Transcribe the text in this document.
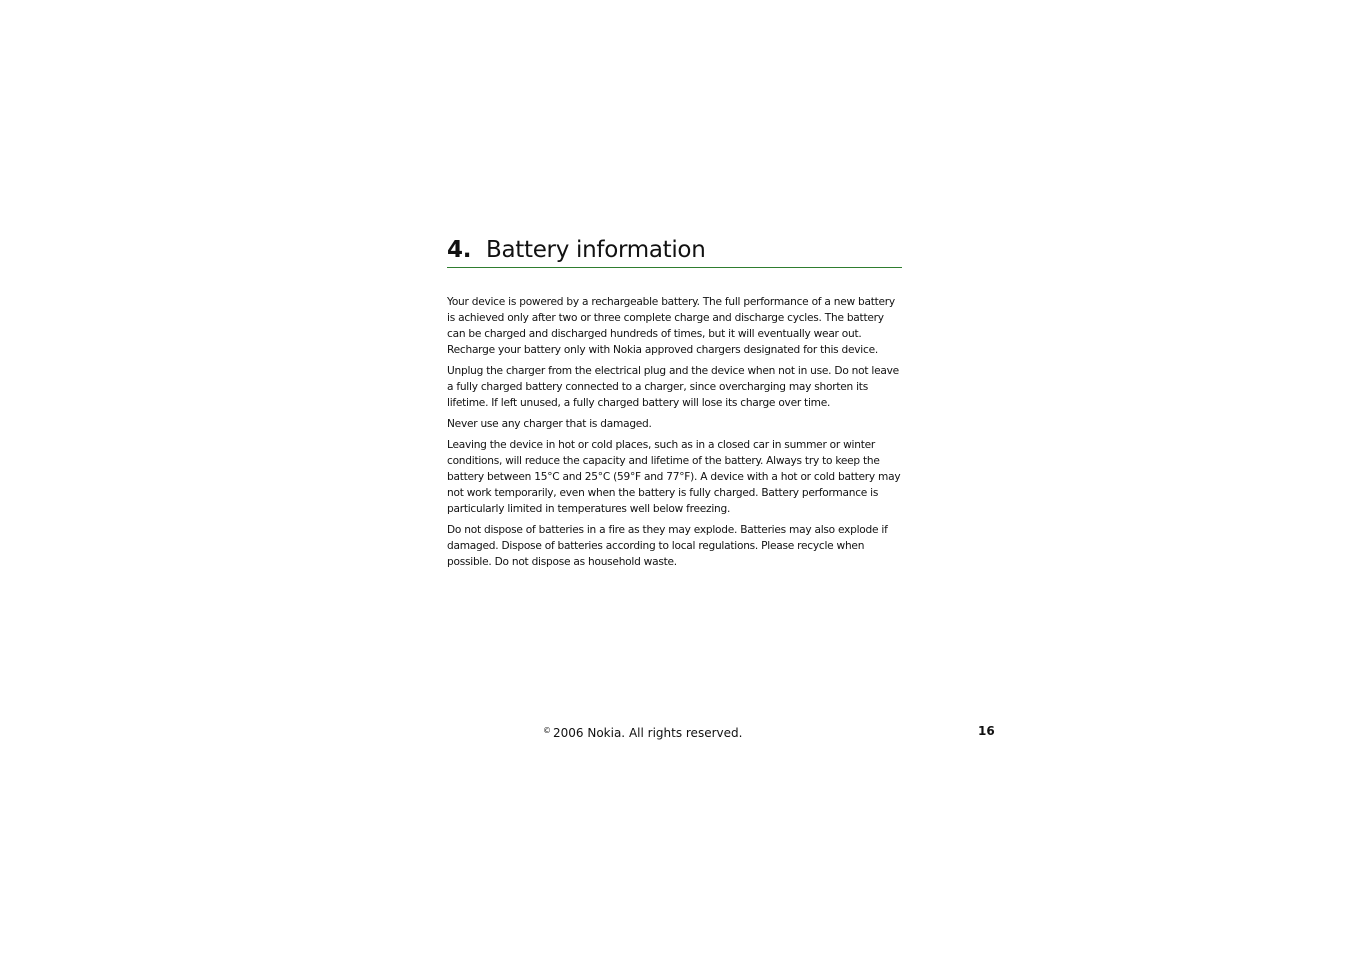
4. Battery information

Your device is powered by a rechargeable battery. The full performance of a new battery is achieved only after two or three complete charge and discharge cycles. The battery can be charged and discharged hundreds of times, but it will eventually wear out. Recharge your battery only with Nokia approved chargers designated for this device.

Unplug the charger from the electrical plug and the device when not in use. Do not leave a fully charged battery connected to a charger, since overcharging may shorten its lifetime. If left unused, a fully charged battery will lose its charge over time.

Never use any charger that is damaged.

Leaving the device in hot or cold places, such as in a closed car in summer or winter conditions, will reduce the capacity and lifetime of the battery. Always try to keep the battery between 15°C and 25°C (59°F and 77°F). A device with a hot or cold battery may not work temporarily, even when the battery is fully charged. Battery performance is particularly limited in temperatures well below freezing.

Do not dispose of batteries in a fire as they may explode. Batteries may also explode if damaged. Dispose of batteries according to local regulations. Please recycle when possible. Do not dispose as household waste.

© 2006 Nokia. All rights reserved.	16
